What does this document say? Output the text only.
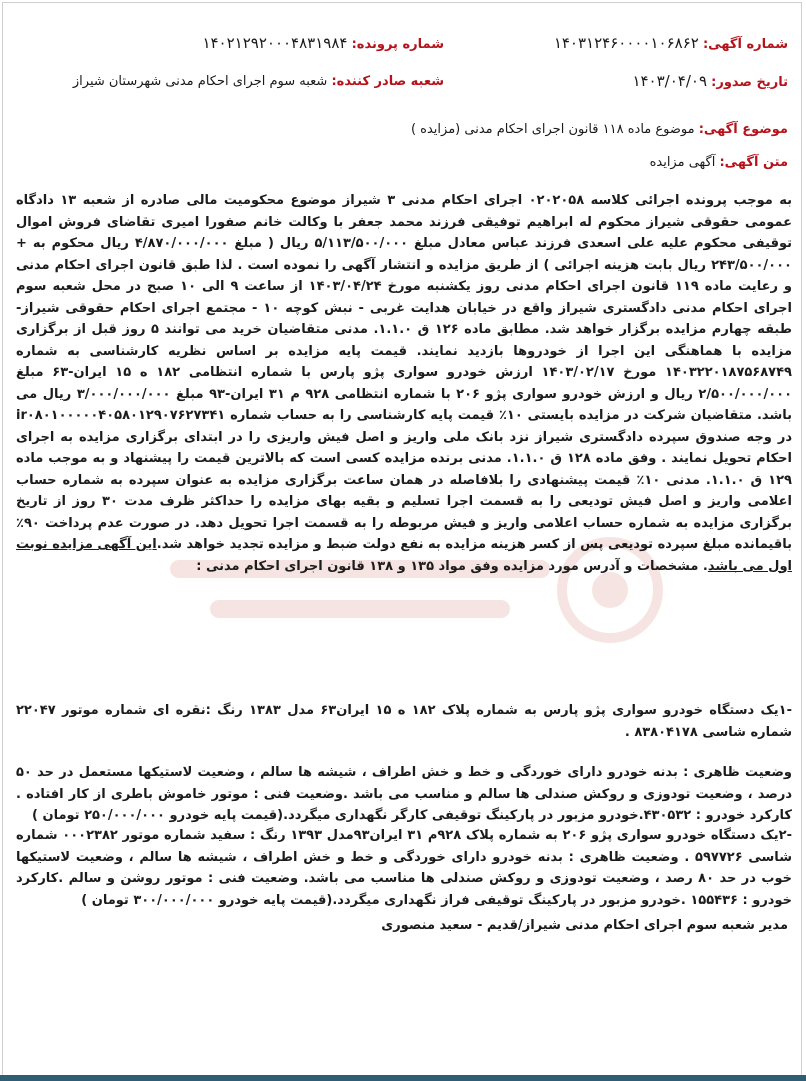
شماره آگهی: ۱۴۰۳۱۲۴۶۰۰۰۰۱۰۶۸۶۲
شماره پرونده: ۱۴۰۲۱۲۹۲۰۰۰۴۸۳۱۹۸۴
تاریخ صدور: ۱۴۰۳/۰۴/۰۹
شعبه صادر کننده: شعبه سوم اجرای احکام مدنی شهرستان شیراز
موضوع آگهی: موضوع ماده ۱۱۸ قانون اجرای احکام مدنی (مزایده )
متن آگهی: آگهی مزایده

به موجب پرونده اجرائی کلاسه ۰۲۰۲۰۵۸ اجرای احکام مدنی ۳ شیراز موضوع محکومیت مالی صادره از شعبه ۱۳ دادگاه عمومی حقوقی شیراز محکوم له ابراهیم توفیقی فرزند محمد جعفر با وکالت خانم صفورا امیری تقاضای فروش اموال توقیفی محکوم علیه علی اسعدی فرزند عباس معادل مبلغ ۵/۱۱۳/۵۰۰/۰۰۰ ریال ( مبلغ ۴/۸۷۰/۰۰۰/۰۰۰ ریال محکوم به + ۲۴۳/۵۰۰/۰۰۰ ریال بابت هزینه اجرائی ) از طریق مزایده و انتشار آگهی را نموده است . لذا طبق قانون اجرای احکام مدنی و رعایت ماده ۱۱۹ قانون اجرای احکام مدنی روز یکشنبه مورخ ۱۴۰۳/۰۴/۲۴ از ساعت ۹ الی ۱۰ صبح در محل شعبه سوم اجرای احکام مدنی دادگستری شیراز واقع در خیابان هدایت غربی - نبش کوچه ۱۰ - مجتمع اجرای احکام حقوقی شیراز-طبقه چهارم مزایده برگزار خواهد شد. مطابق ماده ۱۲۶ ق ۱.۱.۰. مدنی متقاضیان خرید می توانند ۵ روز قبل از برگزاری مزایده با هماهنگی این اجرا از خودروها بازدید نمایند. قیمت پایه مزایده بر اساس نظریه کارشناسی به شماره ۱۴۰۳۲۲۰۱۸۷۵۶۸۷۴۹ مورخ ۱۴۰۳/۰۲/۱۷ ارزش خودرو سواری پژو پارس با شماره انتظامی ۱۸۲ ه ۱۵ ایران-۶۳ مبلغ ۲/۵۰۰/۰۰۰/۰۰۰ ریال و ارزش خودرو سواری پژو ۲۰۶ با شماره انتظامی ۹۲۸ م ۳۱ ایران-۹۳ مبلغ ۳/۰۰۰/۰۰۰/۰۰۰ ریال می باشد. متقاضیان شرکت در مزایده بایستی ۱۰٪ قیمت پایه کارشناسی را به حساب شماره ir۰۸۰۱۰۰۰۰۰۴۰۵۸۰۱۲۹۰۷۶۲۷۳۴۱ در وجه صندوق سپرده دادگستری شیراز نزد بانک ملی واریز و اصل فیش واریزی را در ابتدای برگزاری مزایده به اجرای احکام تحویل نمایند . وفق ماده ۱۲۸ ق ۱.۱.۰. مدنی برنده مزایده کسی است که بالاترین قیمت را پیشنهاد و به موجب ماده ۱۲۹ ق ۱.۱.۰. مدنی ۱۰٪ قیمت پیشنهادی را بلافاصله در همان ساعت برگزاری مزایده به عنوان سپرده به شماره حساب اعلامی واریز و اصل فیش تودیعی را به قسمت اجرا تسلیم و بقیه بهای مزایده را حداکثر ظرف مدت ۳۰ روز از تاریخ برگزاری مزایده به شماره حساب اعلامی واریز و فیش مربوطه را به قسمت اجرا تحویل دهد. در صورت عدم پرداخت ۹۰٪ باقیمانده مبلغ سپرده تودیعی پس از کسر هزینه مزایده به نفع دولت ضبط و مزایده تجدید خواهد شد.این آگهی مزایده نوبت اول می باشد. مشخصات و آدرس مورد مزایده وفق مواد ۱۳۵ و ۱۳۸ قانون اجرای احکام مدنی :

-۱یک دستگاه خودرو سواری پژو پارس به شماره پلاک ۱۸۲ ه ۱۵ ایران۶۳ مدل ۱۳۸۳ رنگ :نقره ای شماره موتور ۲۲۰۴۷ شماره شاسی ۸۳۸۰۴۱۷۸ .

وضعیت ظاهری : بدنه خودرو دارای خوردگی و خط و خش اطراف ، شیشه ها سالم ، وضعیت لاستیکها مستعمل در حد ۵۰ درصد ، وضعیت تودوزی و روکش صندلی ها سالم و مناسب می باشد .وضعیت فنی : موتور خاموش باطری از کار افتاده . کارکرد خودرو : ۴۳۰۵۳۲.خودرو مزبور در پارکینگ توقیفی کارگر نگهداری میگردد.(قیمت پایه خودرو ۲۵۰/۰۰۰/۰۰۰ تومان )

-۲یک دستگاه خودرو سواری پژو ۲۰۶ به شماره پلاک ۹۲۸م ۳۱ ایران۹۳مدل ۱۳۹۳ رنگ : سفید شماره موتور ۰۰۰۲۳۸۲ شماره شاسی ۵۹۷۷۲۶ . وضعیت ظاهری : بدنه خودرو دارای خوردگی و خط و خش اطراف ، شیشه ها سالم ، وضعیت لاستیکها خوب در حد ۸۰ رصد ، وضعیت تودوزی و روکش صندلی ها مناسب می باشد. وضعیت فنی : موتور روشن و سالم .کارکرد خودرو : ۱۵۵۴۳۶ .خودرو مزبور در پارکینگ توقیفی فراز نگهداری میگردد.(قیمت پایه خودرو ۳۰۰/۰۰۰/۰۰۰ تومان )

مدیر شعبه سوم اجرای احکام مدنی شیراز/قدیم - سعید منصوری
